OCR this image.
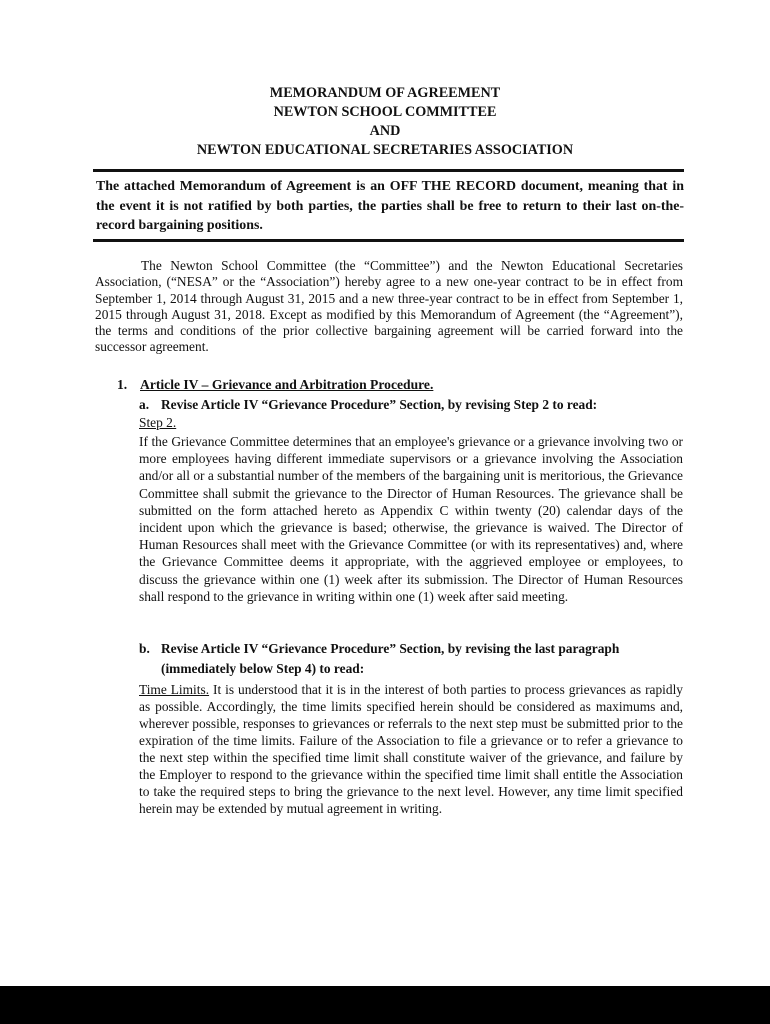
MEMORANDUM OF AGREEMENT
NEWTON SCHOOL COMMITTEE
AND
NEWTON EDUCATIONAL SECRETARIES ASSOCIATION
The attached Memorandum of Agreement is an OFF THE RECORD document, meaning that in the event it is not ratified by both parties, the parties shall be free to return to their last on-the-record bargaining positions.
The Newton School Committee (the “Committee”) and the Newton Educational Secretaries Association, (“NESA” or the “Association”) hereby agree to a new one-year contract to be in effect from September 1, 2014 through August 31, 2015 and a new three-year contract to be in effect from September 1, 2015 through August 31, 2018. Except as modified by this Memorandum of Agreement (the “Agreement”), the terms and conditions of the prior collective bargaining agreement will be carried forward into the successor agreement.
1. Article IV – Grievance and Arbitration Procedure.
a. Revise Article IV “Grievance Procedure” Section, by revising Step 2 to read:
Step 2.
If the Grievance Committee determines that an employee's grievance or a grievance involving two or more employees having different immediate supervisors or a grievance involving the Association and/or all or a substantial number of the members of the bargaining unit is meritorious, the Grievance Committee shall submit the grievance to the Director of Human Resources. The grievance shall be submitted on the form attached hereto as Appendix C within twenty (20) calendar days of the incident upon which the grievance is based; otherwise, the grievance is waived. The Director of Human Resources shall meet with the Grievance Committee (or with its representatives) and, where the Grievance Committee deems it appropriate, with the aggrieved employee or employees, to discuss the grievance within one (1) week after its submission. The Director of Human Resources shall respond to the grievance in writing within one (1) week after said meeting.
b. Revise Article IV “Grievance Procedure” Section, by revising the last paragraph
(immediately below Step 4) to read:
Time Limits. It is understood that it is in the interest of both parties to process grievances as rapidly as possible. Accordingly, the time limits specified herein should be considered as maximums and, wherever possible, responses to grievances or referrals to the next step must be submitted prior to the expiration of the time limits. Failure of the Association to file a grievance or to refer a grievance to the next step within the specified time limit shall constitute waiver of the grievance, and failure by the Employer to respond to the grievance within the specified time limit shall entitle the Association to take the required steps to bring the grievance to the next level. However, any time limit specified herein may be extended by mutual agreement in writing.
